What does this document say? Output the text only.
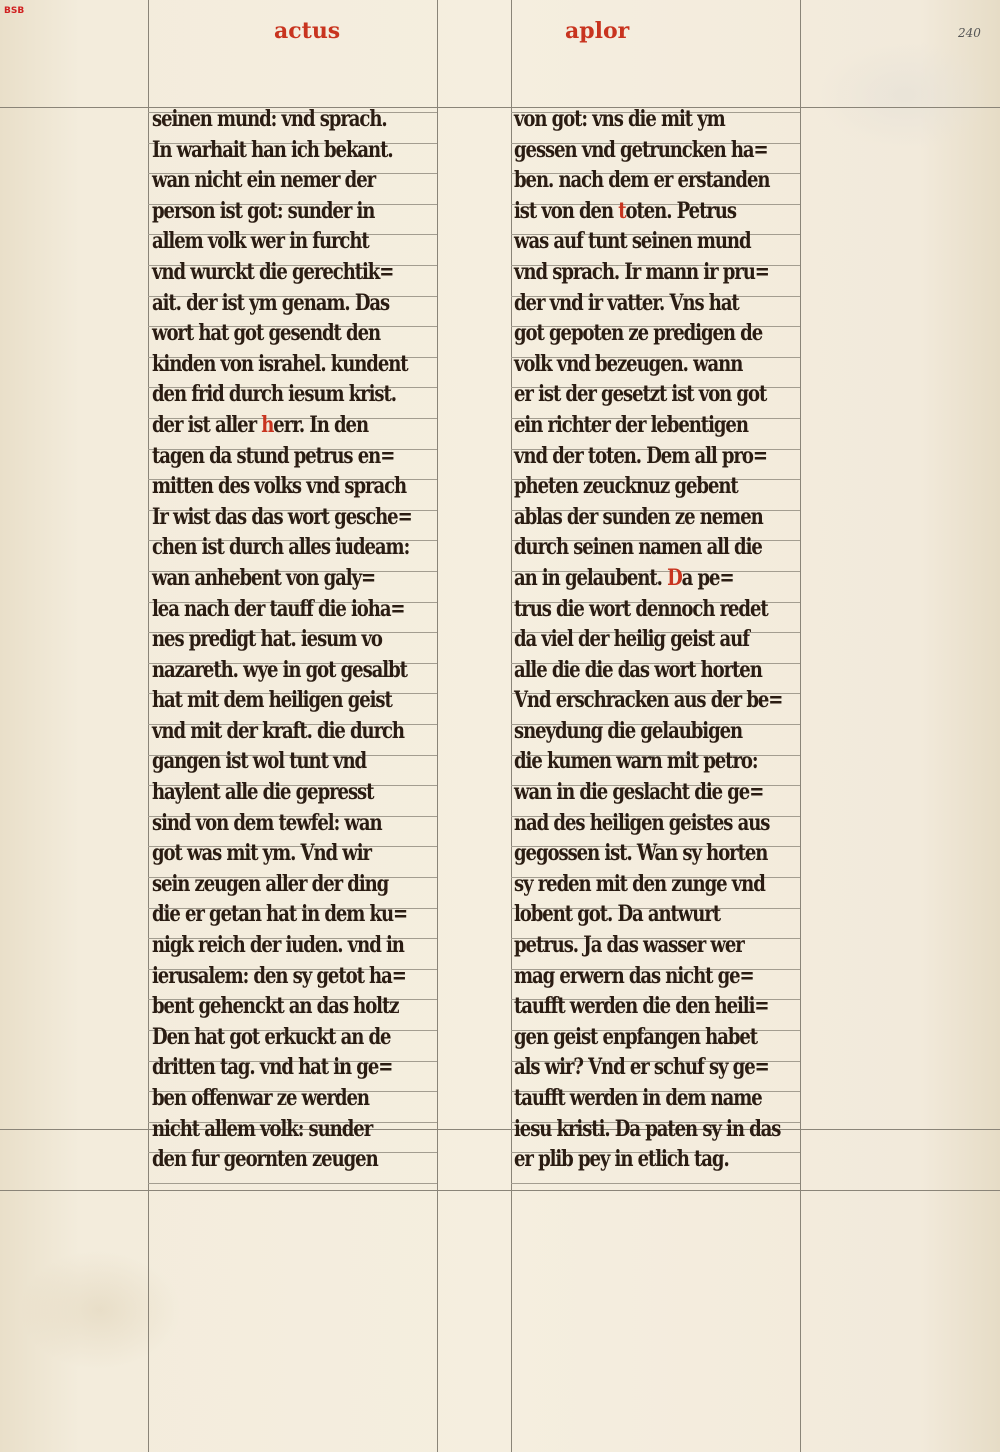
BSB
240
actus	aplor
seinen mund: vnd sprach.
In warhait han ich bekant.
wan nicht ein nemer der
person ist got: sunder in
allem volk wer in furcht
vnd wurckt die gerechtik=
ait. der ist ym genam. Das
wort hat got gesendt den
kinden von israhel. kundent
den frid durch iesum krist.
der ist aller herr. In den
tagen da stund petrus en=
mitten des volks vnd sprach
Ir wist das das wort gesche=
chen ist durch alles iudeam:
wan anhebent von galy=
lea nach der tauff die ioha=
nes predigt hat. iesum vo
nazareth. wye in got gesalbt
hat mit dem heiligen geist
vnd mit der kraft. die durch
gangen ist wol tunt vnd
haylent alle die gepresst
sind von dem tewfel: wan
got was mit ym. Vnd wir
sein zeugen aller der ding
die er getan hat in dem ku=
nigk reich der iuden. vnd in
ierusalem: den sy getot ha=
bent gehenckt an das holtz
Den hat got erkuckt an de
dritten tag. vnd hat in ge=
ben offenwar ze werden
nicht allem volk: sunder
den fur geornten zeugen
von got: vns die mit ym
gessen vnd getruncken ha=
ben. nach dem er erstanden
ist von den toten. Petrus
was auf tunt seinen mund
vnd sprach. Ir mann ir pru=
der vnd ir vatter. Vns hat
got gepoten ze predigen de
volk vnd bezeugen. wann
er ist der gesetzt ist von got
ein richter der lebentigen
vnd der toten. Dem all pro=
pheten zeucknuz gebent
ablas der sunden ze nemen
durch seinen namen all die
an in gelaubent. Da pe=
trus die wort dennoch redet
da viel der heilig geist auf
alle die die das wort horten
Vnd erschracken aus der be=
sneydung die gelaubigen
die kumen warn mit petro:
wan in die geslacht die ge=
nad des heiligen geistes aus
gegossen ist. Wan sy horten
sy reden mit den zunge vnd
lobent got. Da antwurt
petrus. Ja das wasser wer
mag erwern das nicht ge=
taufft werden die den heili=
gen geist enpfangen habet
als wir? Vnd er schuf sy ge=
taufft werden in dem name
iesu kristi. Da paten sy in das
er plib pey in etlich tag.
